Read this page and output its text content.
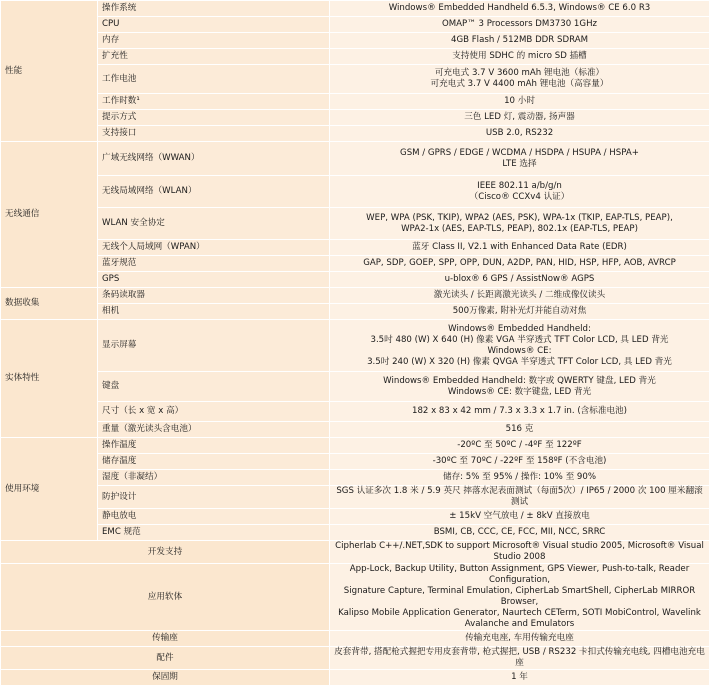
性能	操作系统	Windows® Embedded Handheld 6.5.3, Windows® CE 6.0 R3

	CPU	OMAP™ 3 Processors DM3730 1GHz

	内存	4GB Flash / 512MB DDR SDRAM

	扩充性	支持使用 SDHC 的 micro SD 插槽

	工作电池	可充电式 3.7 V 3600 mAh 锂电池（标准）
可充电式 3.7 V 4400 mAh 锂电池（高容量）

	工作时数¹	10 小时

	提示方式	三色 LED 灯, 震动器, 扬声器

	支持接口	USB 2.0, RS232

无线通信	广域无线网络（WWAN）	GSM / GPRS / EDGE / WCDMA / HSDPA / HSUPA / HSPA+
LTE 选择

	无线局域网络（WLAN）	IEEE 802.11 a/b/g/n
（Cisco® CCXv4 认证）

	WLAN 安全协定	WEP, WPA (PSK, TKIP), WPA2 (AES, PSK), WPA-1x (TKIP, EAP-TLS, PEAP),
WPA2-1x (AES, EAP-TLS, PEAP), 802.1x (EAP-TLS, PEAP)

	无线个人局域网（WPAN）	蓝牙 Class II, V2.1 with Enhanced Data Rate (EDR)

	蓝牙规范	GAP, SDP, GOEP, SPP, OPP, DUN, A2DP, PAN, HID, HSP, HFP, AOB, AVRCP

	GPS	u-blox® 6 GPS / AssistNow® AGPS

数据收集	条码读取器	激光读头 / 长距离激光读头 / 二维成像仪读头

	相机	500万像素, 附补光灯并能自动对焦

实体特性	显示屏幕	Windows® Embedded Handheld:
3.5吋 480 (W) X 640 (H) 像素 VGA 半穿透式 TFT Color LCD, 具 LED 背光
Windows® CE:
3.5吋 240 (W) X 320 (H) 像素 QVGA 半穿透式 TFT Color LCD, 具 LED 背光

	键盘	Windows® Embedded Handheld: 数字或 QWERTY 键盘, LED 背光
Windows® CE: 数字键盘, LED 背光

	尺寸（长 x 宽 x 高）	182 x 83 x 42 mm / 7.3 x 3.3 x 1.7 in. (含标准电池)

	重量（激光读头含电池）	516 克

使用环境	操作温度	-20ºC 至 50ºC / -4ºF 至 122ºF

	储存温度	-30ºC 至 70ºC / -22ºF 至 158ºF (不含电池)

	湿度（非凝结）	储存: 5% 至 95% / 操作: 10% 至 90%

	防护设计	SGS 认证多次 1.8 米 / 5.9 英尺 摔落水泥表面测试（每面5次）/ IP65 / 2000 次 100 厘米翻滚测试

	静电放电	± 15kV 空气放电 / ± 8kV 直接放电

	EMC 规范	BSMI, CB, CCC, CE, FCC, MII, NCC, SRRC

开发支持		Cipherlab C++/.NET,SDK to support Microsoft® Visual studio 2005, Microsoft® Visual Studio 2008

应用软体		App-Lock, Backup Utility, Button Assignment, GPS Viewer, Push-to-talk, Reader Configuration,
Signature Capture, Terminal Emulation, CipherLab SmartShell, CipherLab MIRROR Browser,
Kalipso Mobile Application Generator, Naurtech CETerm, SOTI MobiControl, Wavelink Avalanche and Emulators

传输座		传输充电座, 车用传输充电座

配件		皮套背带, 搭配枪式握把专用皮套背带, 枪式握把, USB / RS232 卡扣式传输充电线, 四槽电池充电座

保固期		1 年
